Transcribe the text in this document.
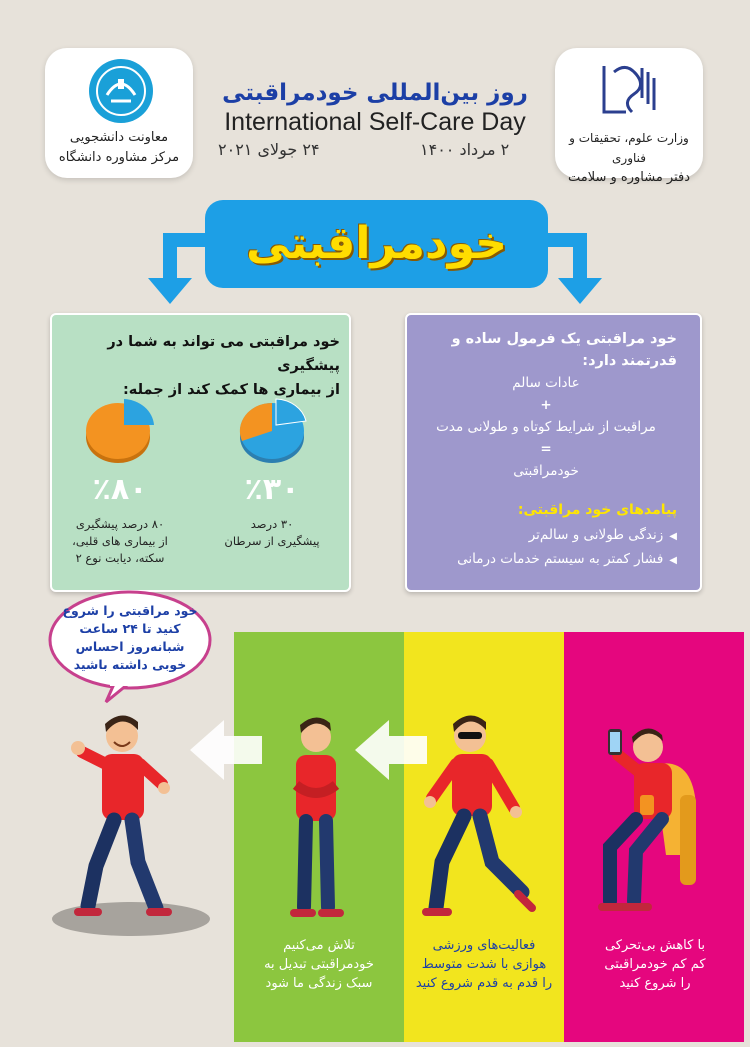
معاونت دانشجویی
مرکز مشاوره دانشگاه
وزارت علوم، تحقیقات و فناوری
دفتر مشاوره و سلامت
روز بین‌المللی خودمراقبتی
International Self-Care Day
۲۴ جولای ۲۰۲۱	۲ مرداد ۱۴۰۰
خودمراقبتی
خود مراقبتی می تواند به شما در پیشگیری
از بیماری ها کمک کند از جمله:
٪۳۰
٪۸۰
۳۰ درصد
پیشگیری از سرطان
۸۰ درصد پیشگیری
از بیماری های قلبی،
سکته، دیابت نوع ۲
خود مراقبتی یک فرمول ساده و
قدرتمند دارد:
عادات سالم
+
مراقبت از شرایط کوتاه و طولانی مدت
=
خودمراقبتی
پیامدهای خود مراقبتی:
◀زندگی طولانی و سالم‌تر
◀فشار کمتر به سیستم خدمات درمانی
خود مراقبتی را شروع
کنید تا ۲۴ ساعت
شبانه‌روز احساس
خوبی داشته باشید
با کاهش بی‌تحرکی
کم کم خودمراقبتی
را شروع کنید
فعالیت‌های ورزشی
هوازی با شدت متوسط
را قدم به قدم شروع کنید
تلاش می‌کنیم
خودمراقبتی تبدیل به
سبک زندگی ما شود
